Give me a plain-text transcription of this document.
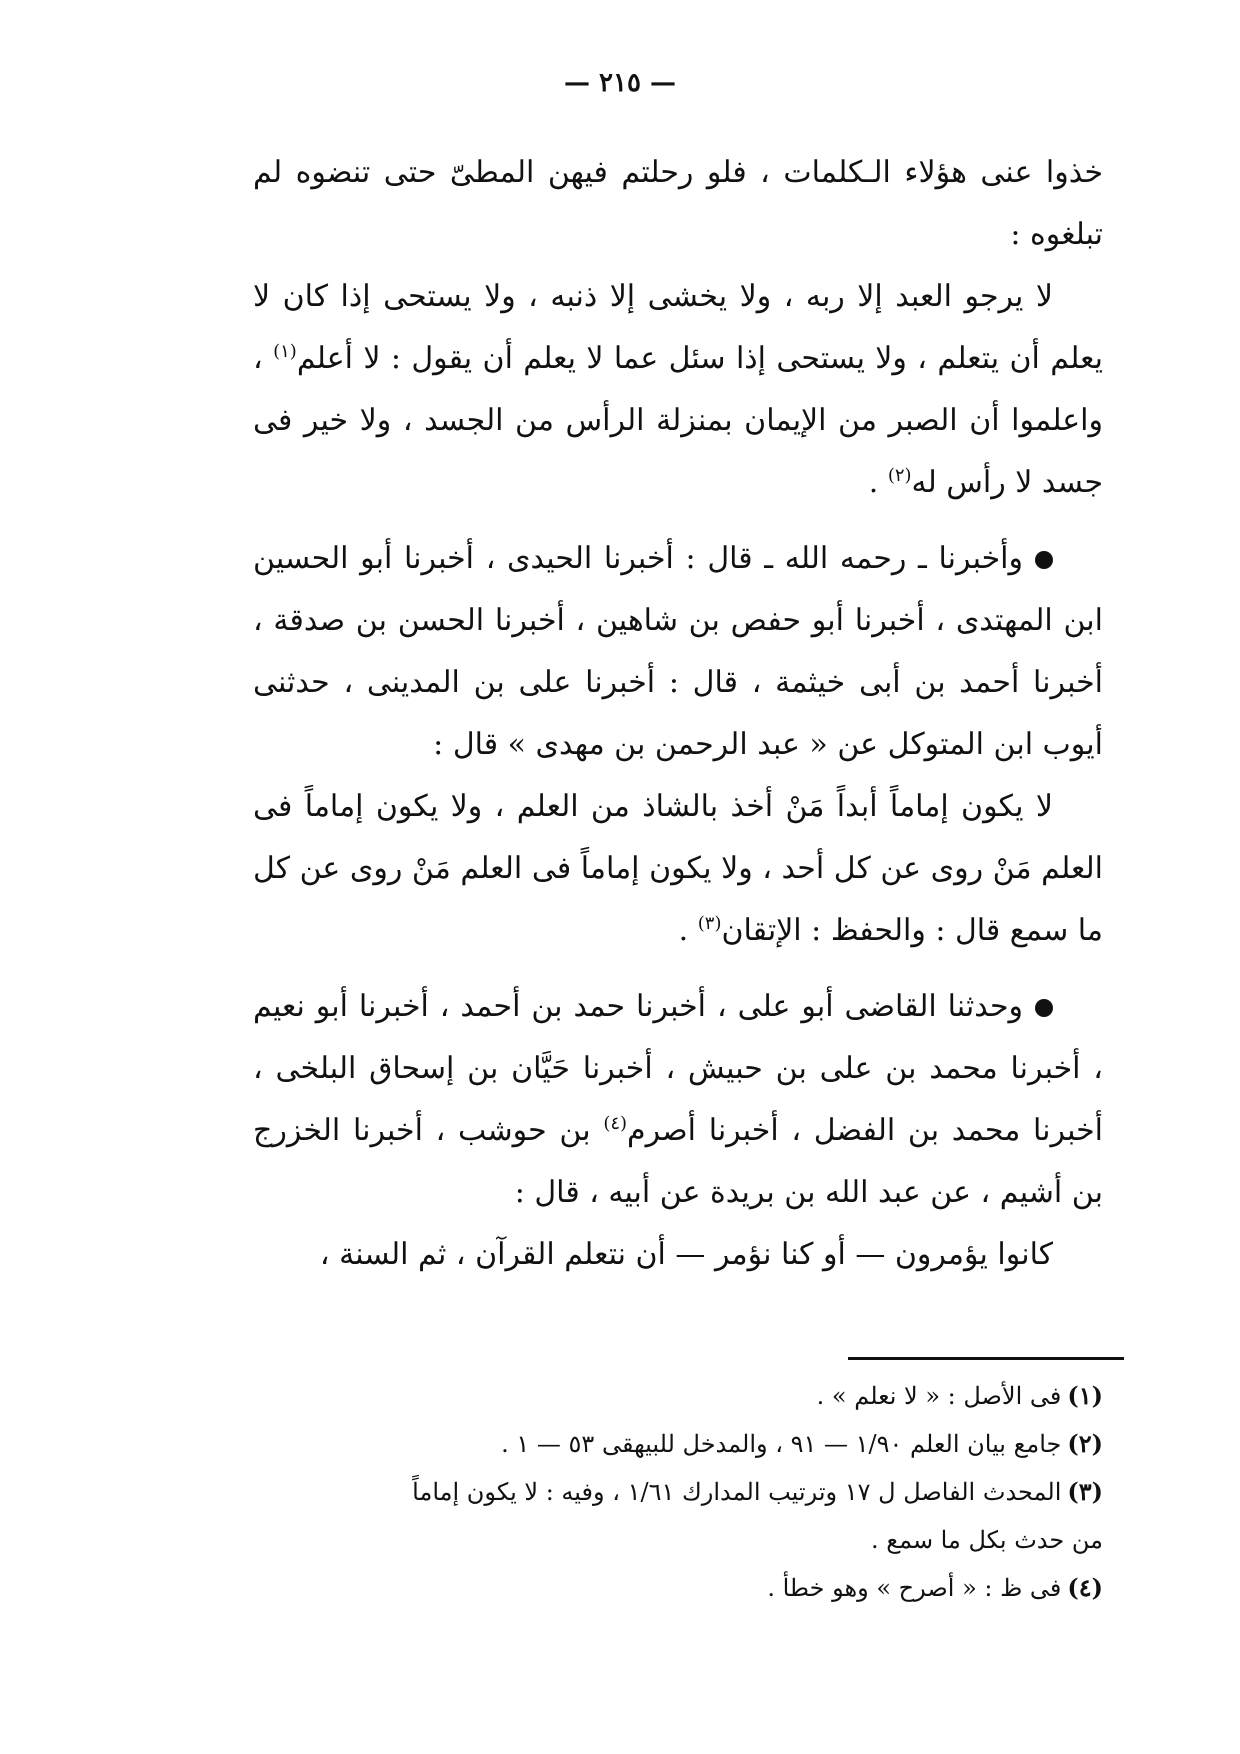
— ٢١٥ —

خذوا عنى هؤلاء الـكلمات ، فلو رحلتم فيهن المطىّ حتى تنضوه لم تبلغوه :

لا يرجو العبد إلا ربه ، ولا يخشى إلا ذنبه ، ولا يستحى إذا كان لا يعلم أن يتعلم ، ولا يستحى إذا سئل عما لا يعلم أن يقول : لا أعلم$^{(١)}$ ، واعلموا أن الصبر من الإيمان بمنزلة الرأس من الجسد ، ولا خير فى جسد لا رأس له$^{(٢)}$ .

وأخبرنا ـ رحمه الله ـ قال : أخبرنا الحيدى ، أخبرنا أبو الحسين ابن المهتدى ، أخبرنا أبو حفص بن شاهين ، أخبرنا الحسن بن صدقة ، أخبرنا أحمد بن أبى خيثمة ، قال : أخبرنا على بن المدينى ، حدثنى أيوب ابن المتوكل عن « عبد الرحمن بن مهدى » قال :

لا يكون إماماً أبداً مَنْ أخذ بالشاذ من العلم ، ولا يكون إماماً فى العلم مَنْ روى عن كل أحد ، ولا يكون إماماً فى العلم مَنْ روى عن كل ما سمع قال : والحفظ : الإتقان$^{(٣)}$ .

وحدثنا القاضى أبو على ، أخبرنا حمد بن أحمد ، أخبرنا أبو نعيم ، أخبرنا محمد بن على بن حبيش ، أخبرنا حَيَّان بن إسحاق البلخى ، أخبرنا محمد بن الفضل ، أخبرنا أصرم$^{(٤)}$ بن حوشب ، أخبرنا الخزرج بن أشيم ، عن عبد الله بن بريدة عن أبيه ، قال :

كانوا يؤمرون — أو كنا نؤمر — أن نتعلم القرآن ، ثم السنة ،

(١)فى الأصل : « لا نعلم » .

(٢)جامع بيان العلم ١/٩٠ — ٩١ ، والمدخل للبيهقى ٥٣ — ١ .

(٣)المحدث الفاصل ل ١٧ وترتيب المدارك ١/٦١ ، وفيه : لا يكون إماماً

من حدث بكل ما سمع .

(٤)فى ظ : « أصرح » وهو خطأ .
